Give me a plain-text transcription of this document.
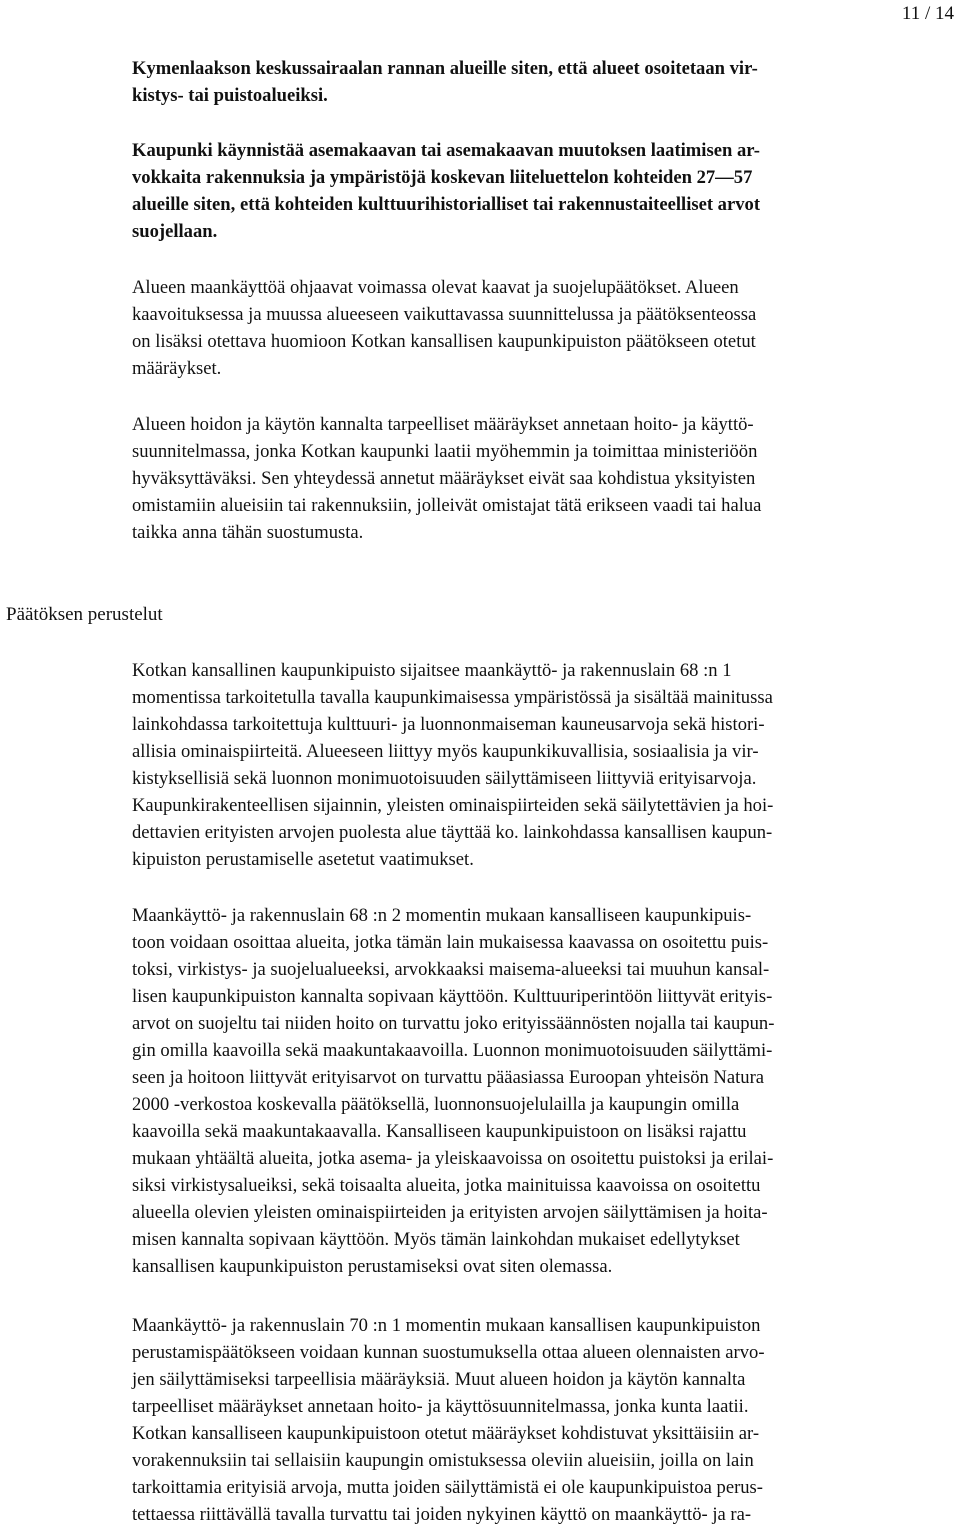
11 / 14
Kymenlaakson keskussairaalan rannan alueille siten, että alueet osoitetaan vir-
kistys- tai puistoalueiksi.
Kaupunki käynnistää asemakaavan tai asemakaavan muutoksen laatimisen ar-
vokkaita rakennuksia ja ympäristöjä koskevan liiteluettelon kohteiden 27—57
alueille siten, että kohteiden kulttuurihistorialliset tai rakennustaiteelliset arvot
suojellaan.
Alueen maankäyttöä ohjaavat voimassa olevat kaavat ja suojelupäätökset. Alueen
kaavoituksessa ja muussa alueeseen vaikuttavassa suunnittelussa ja päätöksenteossa
on lisäksi otettava huomioon Kotkan kansallisen kaupunkipuiston päätökseen otetut
määräykset.
Alueen hoidon ja käytön kannalta tarpeelliset määräykset annetaan hoito- ja käyttö-
suunnitelmassa, jonka Kotkan kaupunki laatii myöhemmin ja toimittaa ministeriöön
hyväksyttäväksi. Sen yhteydessä annetut määräykset eivät saa kohdistua yksityisten
omistamiin alueisiin tai rakennuksiin, jolleivät omistajat tätä erikseen vaadi tai halua
taikka anna tähän suostumusta.
Päätöksen perustelut
Kotkan kansallinen kaupunkipuisto sijaitsee maankäyttö- ja rakennuslain 68 :n 1
momentissa tarkoitetulla tavalla kaupunkimaisessa ympäristössä ja sisältää mainitussa
lainkohdassa tarkoitettuja kulttuuri- ja luonnonmaiseman kauneusarvoja sekä histori-
allisia ominaispiirteitä. Alueeseen liittyy myös kaupunkikuvallisia, sosiaalisia ja vir-
kistyksellisiä sekä luonnon monimuotoisuuden säilyttämiseen liittyviä erityisarvoja.
Kaupunkirakenteellisen sijainnin, yleisten ominaispiirteiden sekä säilytettävien ja hoi-
dettavien erityisten arvojen puolesta alue täyttää ko. lainkohdassa kansallisen kaupun-
kipuiston perustamiselle asetetut vaatimukset.
Maankäyttö- ja rakennuslain 68 :n 2 momentin mukaan kansalliseen kaupunkipuis-
toon voidaan osoittaa alueita, jotka tämän lain mukaisessa kaavassa on osoitettu puis-
toksi, virkistys- ja suojelualueeksi, arvokkaaksi maisema-alueeksi tai muuhun kansal-
lisen kaupunkipuiston kannalta sopivaan käyttöön. Kulttuuriperintöön liittyvät erityis-
arvot on suojeltu tai niiden hoito on turvattu joko erityissäännösten nojalla tai kaupun-
gin omilla kaavoilla sekä maakuntakaavoilla. Luonnon monimuotoisuuden säilyttämi-
seen ja hoitoon liittyvät erityisarvot on turvattu pääasiassa Euroopan yhteisön Natura
2000 -verkostoa koskevalla päätöksellä, luonnonsuojelulailla ja kaupungin omilla
kaavoilla sekä maakuntakaavalla. Kansalliseen kaupunkipuistoon on lisäksi rajattu
mukaan yhtäältä alueita, jotka asema- ja yleiskaavoissa on osoitettu puistoksi ja erilai-
siksi virkistysalueiksi, sekä toisaalta alueita, jotka mainituissa kaavoissa on osoitettu
alueella olevien yleisten ominaispiirteiden ja erityisten arvojen säilyttämisen ja hoita-
misen kannalta sopivaan käyttöön. Myös tämän lainkohdan mukaiset edellytykset
kansallisen kaupunkipuiston perustamiseksi ovat siten olemassa.
Maankäyttö- ja rakennuslain 70 :n 1 momentin mukaan kansallisen kaupunkipuiston
perustamispäätökseen voidaan kunnan suostumuksella ottaa alueen olennaisten arvo-
jen säilyttämiseksi tarpeellisia määräyksiä. Muut alueen hoidon ja käytön kannalta
tarpeelliset määräykset annetaan hoito- ja käyttösuunnitelmassa, jonka kunta laatii.
Kotkan kansalliseen kaupunkipuistoon otetut määräykset kohdistuvat yksittäisiin ar-
vorakennuksiin tai sellaisiin kaupungin omistuksessa oleviin alueisiin, joilla on lain
tarkoittamia erityisiä arvoja, mutta joiden säilyttämistä ei ole kaupunkipuistoa perus-
tettaessa riittävällä tavalla turvattu tai joiden nykyinen käyttö on maankäyttö- ja ra-
